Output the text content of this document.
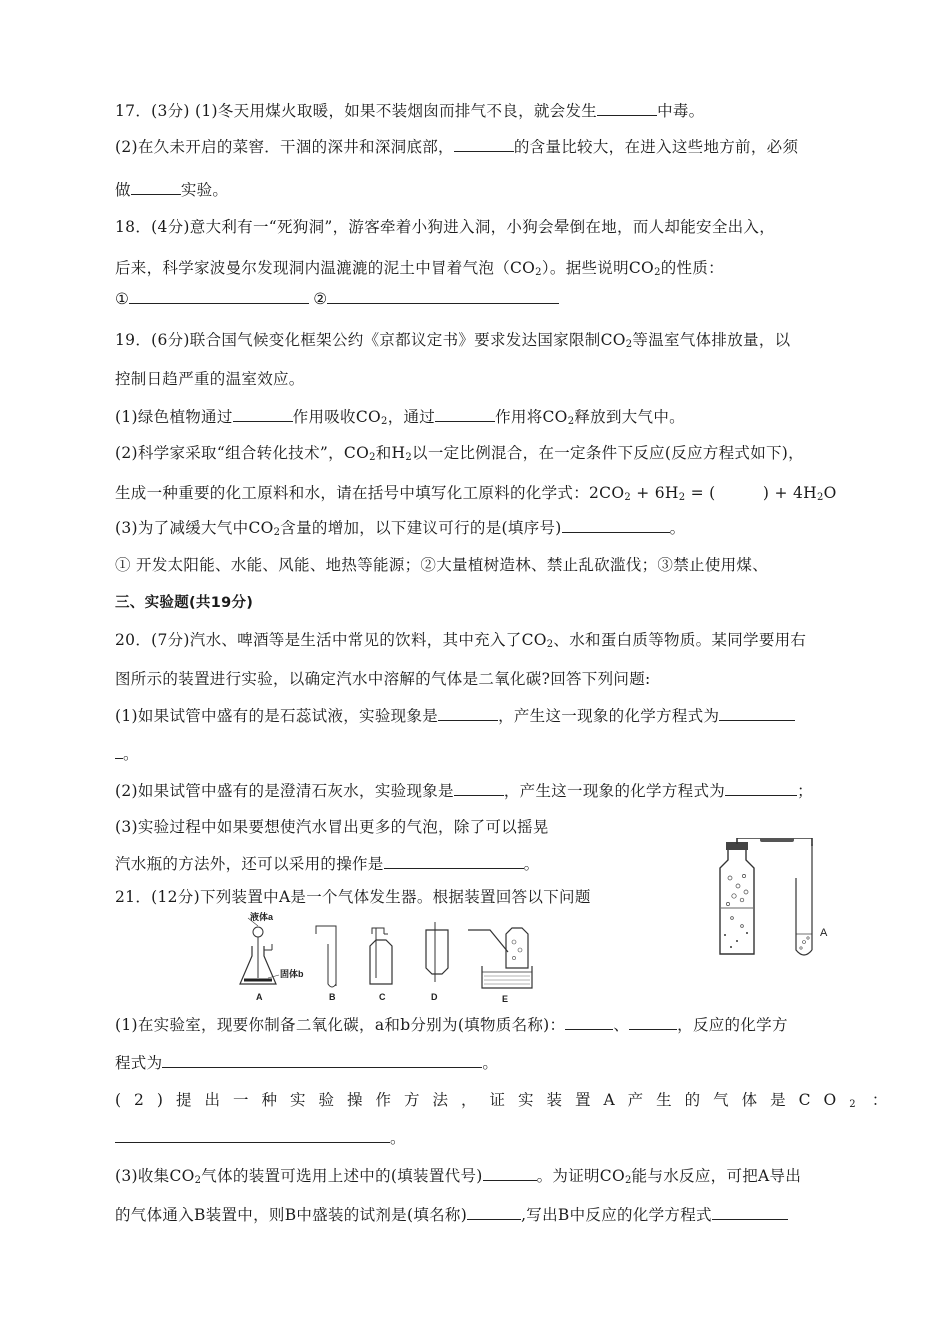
17．(3分) (1)冬天用煤火取暖，如果不装烟囱而排气不良，就会发生	中毒。
(2)在久未开启的菜窖．干涸的深井和深洞底部，	的含量比较大，在进入这些地方前，必须
做	实验。
18．(4分)意大利有一“死狗洞”，游客牵着小狗进入洞，小狗会晕倒在地，而人却能安全出入，
后来，科学家波曼尔发现洞内温漉漉的泥土中冒着气泡$(CO_2)$。据些说明$CO_2$的性质：
①	②
19．(6分)联合国气候变化框架公约《京都议定书》要求发达国家限制$CO_2$等温室气体排放量，以
控制日趋严重的温室效应。
(1)绿色植物通过	作用吸收$CO_2$，通过	作用将$CO_2$释放到大气中。
(2)科学家采取“组合转化技术”，$CO_2$和$H_2$以一定比例混合，在一定条件下反应(反应方程式如下)，
生成一种重要的化工原料和水，请在括号中填写化工原料的化学式：$2CO_2 + 6H_2$ = (　　　) + $4H_2O$
(3)为了减缓大气中$CO_2$含量的增加，以下建议可行的是(填序号)	。
① 开发太阳能、水能、风能、地热等能源；②大量植树造林、禁止乱砍滥伐；③禁止使用煤、
三、实验题(共19分)
20．(7分)汽水、啤酒等是生活中常见的饮料，其中充入了$CO_2$、水和蛋白质等物质。某同学要用右
图所示的装置进行实验，以确定汽水中溶解的气体是二氧化碳?回答下列问题:
(1)如果试管中盛有的是石蕊试液，实验现象是	，产生这一现象的化学方程式为
。
(2)如果试管中盛有的是澄清石灰水，实验现象是	，产生这一现象的化学方程式为	；
(3)实验过程中如果要想使汽水冒出更多的气泡，除了可以摇晃
汽水瓶的方法外，还可以采用的操作是	。
A
21．(12分)下列装置中A是一个气体发生器。根据装置回答以下问题
液体a
固体b
A	B	C	D	E
(1)在实验室，现要你制备二氧化碳，a和b分别为(填物质名称)：	、	，反应的化学方
程式为	。
(2)提出一种实验操作方法，证实装置A产生的气体是$CO_2$ ：
。
(3)收集$CO_2$气体的装置可选用上述中的(填装置代号)	。为证明$CO_2$能与水反应，可把A导出
的气体通入B装置中，则B中盛装的试剂是(填名称)	,写出B中反应的化学方程式
